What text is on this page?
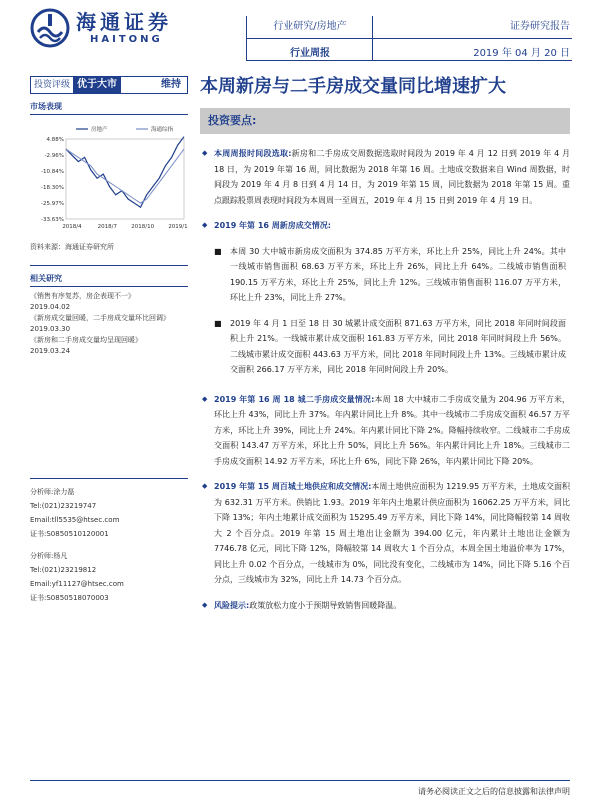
海通证券
HAITONG
行业研究/房地产
行业周报
证券研究报告
2019 年 04 月 20 日
投资评级 优于大市	维持	本周新房与二手房成交量同比增速扩大
市场表现
4.88%
-2.96%
-10.84%
-18.30%
-25.97%
-33.63%
2018/4	2018/7	2018/10	2019/1
房地产	海通综指
资料来源：海通证券研究所
相关研究
《销售有序复苏，房企表现不一》
2019.04.02
《新房成交量回暖，二手房成交量环比回调》
2019.03.30
《新房和二手房成交量均呈现回暖》
2019.03.24
分析师:涂力磊
Tel:(021)23219747
Email:tll5535@htsec.com
证书:S0850510120001
分析师:杨凡
Tel:(021)23219812
Email:yf11127@htsec.com
证书:S0850518070003
投资要点:
◆ 本周周报时间段选取:新房和二手房成交周数据选取时间段为 2019 年 4 月 12 日到 2019 年 4 月 18 日，为 2019 年第 16 周，同比数据为 2018 年第 16 周。土地成交数据来自 Wind 周数据，时间段为 2019 年 4 月 8 日到 4 月 14 日，为 2019 年第 15 周，同比数据为 2018 年第 15 周。重点跟踪股票周表现时间段为本周周一至周五，2019 年 4 月 15 日到 2019 年 4 月 19 日。
◆ 2019 年第 16 周新房成交情况:
■ 本周 30 大中城市新房成交面积为 374.85 万平方米，环比上升 25%，同比上升 24%。其中一线城市销售面积 68.63 万平方米，环比上升 26%，同比上升 64%。二线城市销售面积 190.15 万平方米，环比上升 25%，同比上升 12%。三线城市销售面积 116.07 万平方米，环比上升 23%，同比上升 27%。
■ 2019 年 4 月 1 日至 18 日 30 城累计成交面积 871.63 万平方米，同比 2018 年同时间段面积上升 21%。一线城市累计成交面积 161.83 万平方米，同比 2018 年同时间段上升 56%。二线城市累计成交面积 443.63 万平方米，同比 2018 年同时间段上升 13%。三线城市累计成交面积 266.17 万平方米，同比 2018 年同时间段上升 20%。
◆ 2019 年第 16 周 18 城二手房成交量情况:本周 18 大中城市二手房成交量为 204.96 万平方米，环比上升 43%，同比上升 37%。年内累计同比上升 8%。其中一线城市二手房成交面积 46.57 万平方米，环比上升 39%，同比上升 24%。年内累计同比下降 2%。降幅持续收窄。二线城市二手房成交面积 143.47 万平方米，环比上升 50%，同比上升 56%。年内累计同比上升 18%。三线城市二手房成交面积 14.92 万平方米，环比上升 6%，同比下降 26%，年内累计同比下降 20%。
◆ 2019 年第 15 周百城土地供应和成交情况:本周土地供应面积为 1219.95 万平方米，土地成交面积为 632.31 万平方米。供销比 1.93。2019 年年内土地累计供应面积为 16062.25 万平方米，同比下降 13%；年内土地累计成交面积为 15295.49 万平方米，同比下降 14%，同比降幅较第 14 周收大 2 个百分点。2019 年第 15 周土地出让金额为 394.00 亿元，年内累计土地出让金额为 7746.78 亿元，同比下降 12%，降幅较第 14 周收大 1 个百分点，本周全国土地溢价率为 17%，同比上升 0.02 个百分点，一线城市为 0%，同比没有变化，二线城市为 14%，同比下降 5.16 个百分点，三线城市为 32%，同比上升 14.73 个百分点。
◆ 风险提示:政策放松力度小于预期导致销售回暖降温。
请务必阅读正文之后的信息披露和法律声明
